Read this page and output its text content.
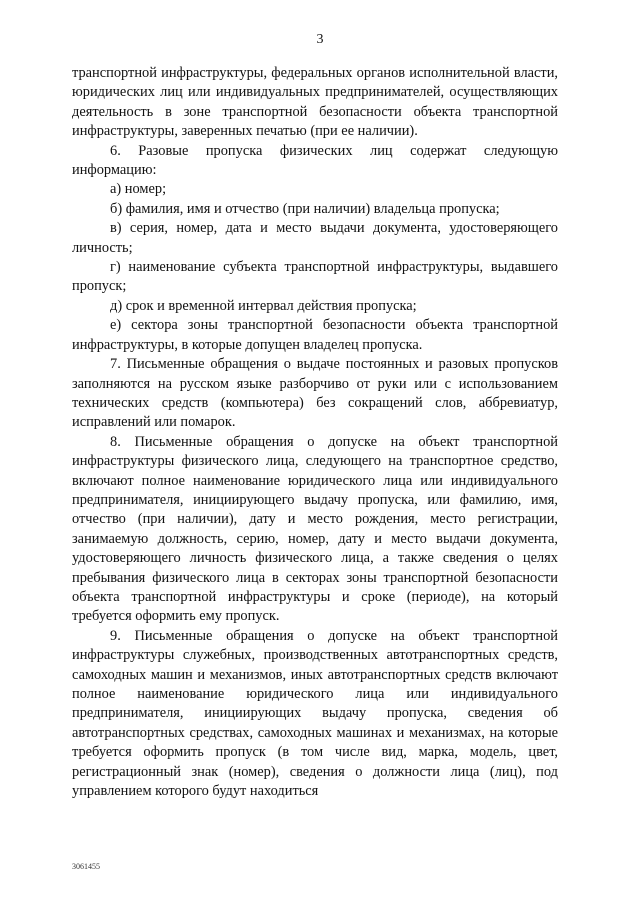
3

транспортной инфраструктуры, федеральных органов исполнительной власти, юридических лиц или индивидуальных предпринимателей, осуществляющих деятельность в зоне транспортной безопасности объекта транспортной инфраструктуры, заверенных печатью (при ее наличии).

6. Разовые пропуска физических лиц содержат следующую информацию:

а) номер;

б) фамилия, имя и отчество (при наличии) владельца пропуска;

в) серия, номер, дата и место выдачи документа, удостоверяющего личность;

г) наименование субъекта транспортной инфраструктуры, выдавшего пропуск;

д) срок и временной интервал действия пропуска;

е) сектора зоны транспортной безопасности объекта транспортной инфраструктуры, в которые допущен владелец пропуска.

7. Письменные обращения о выдаче постоянных и разовых пропусков заполняются на русском языке разборчиво от руки или с использованием технических средств (компьютера) без сокращений слов, аббревиатур, исправлений или помарок.

8. Письменные обращения о допуске на объект транспортной инфраструктуры физического лица, следующего на транспортное средство, включают полное наименование юридического лица или индивидуального предпринимателя, инициирующего выдачу пропуска, или фамилию, имя, отчество (при наличии), дату и место рождения, место регистрации, занимаемую должность, серию, номер, дату и место выдачи документа, удостоверяющего личность физического лица, а также сведения о целях пребывания физического лица в секторах зоны транспортной безопасности объекта транспортной инфраструктуры и сроке (периоде), на который требуется оформить ему пропуск.

9. Письменные обращения о допуске на объект транспортной инфраструктуры служебных, производственных автотранспортных средств, самоходных машин и механизмов, иных автотранспортных средств включают полное наименование юридического лица или индивидуального предпринимателя, инициирующих выдачу пропуска, сведения об автотранспортных средствах, самоходных машинах и механизмах, на которые требуется оформить пропуск (в том числе вид, марка, модель, цвет, регистрационный знак (номер), сведения о должности лица (лиц), под управлением которого будут находиться

3061455
